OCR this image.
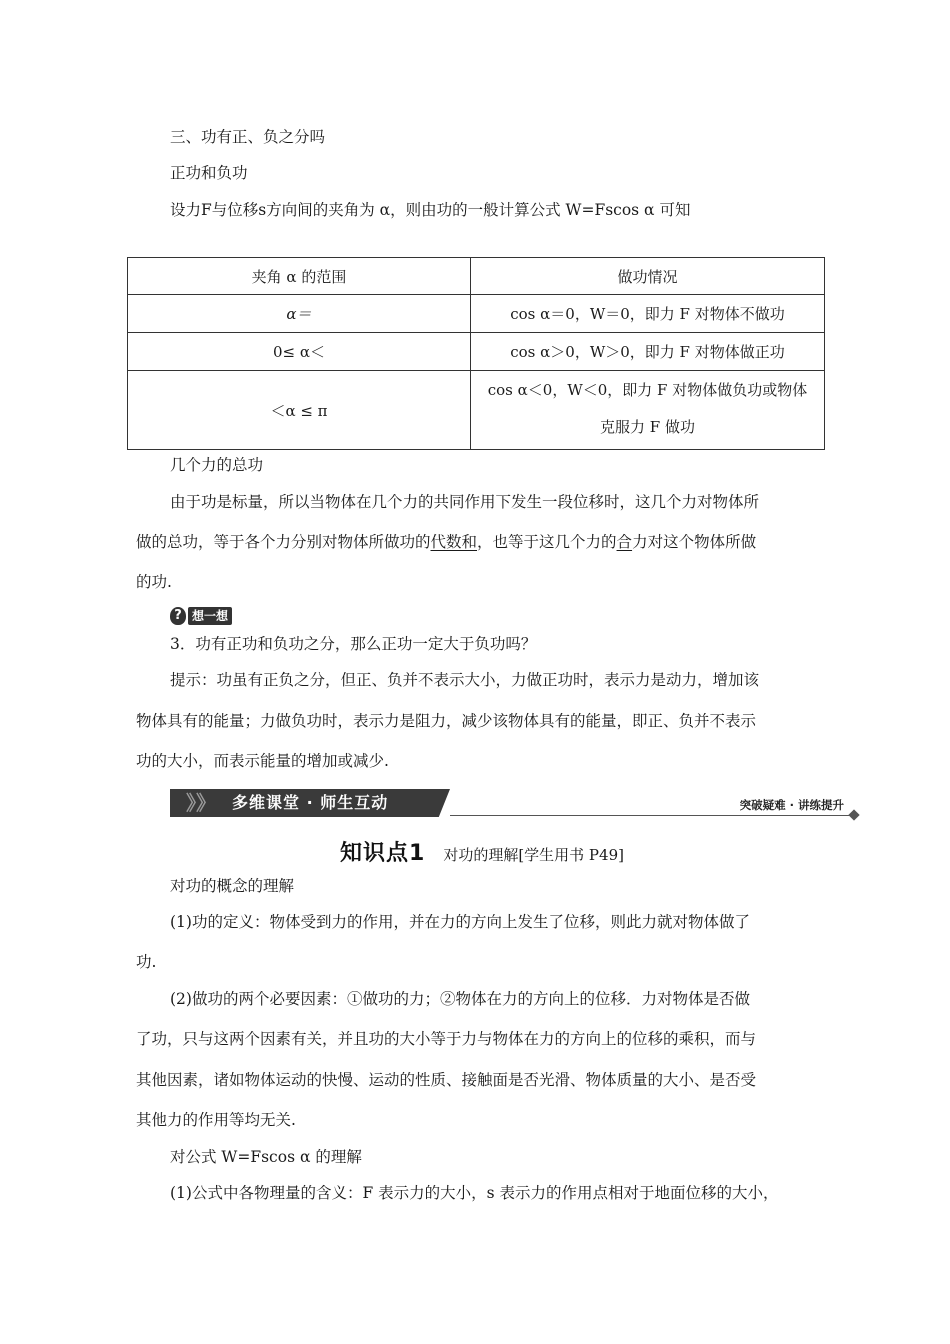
三、功有正、负之分吗
正功和负功
设力F与位移s方向间的夹角为 α，则由功的一般计算公式 W=Fscos α 可知
夹角 α 的范围	做功情况
α＝	cos α＝0，W＝0，即力 F 对物体不做功
0≤ α＜	cos α＞0，W＞0，即力 F 对物体做正功
＜α ≤ π	cos α＜0，W＜0，即力 F 对物体做负功或物体
克服力 F 做功
几个力的总功
由于功是标量，所以当物体在几个力的共同作用下发生一段位移时，这几个力对物体所
做的总功，等于各个力分别对物体所做功的代数和，也等于这几个力的合力对这个物体所做
的功.
? 想一想
3．功有正功和负功之分，那么正功一定大于负功吗？
提示：功虽有正负之分，但正、负并不表示大小，力做正功时，表示力是动力，增加该
物体具有的能量；力做负功时，表示力是阻力，减少该物体具有的能量，即正、负并不表示
功的大小，而表示能量的增加或减少.
》》 多维课堂 · 师生互动	突破疑难 · 讲练提升
知识点1 对功的理解[学生用书 P49]
对功的概念的理解
(1)功的定义：物体受到力的作用，并在力的方向上发生了位移，则此力就对物体做了
功.
(2)做功的两个必要因素：①做功的力；②物体在力的方向上的位移．力对物体是否做
了功，只与这两个因素有关，并且功的大小等于力与物体在力的方向上的位移的乘积，而与
其他因素，诸如物体运动的快慢、运动的性质、接触面是否光滑、物体质量的大小、是否受
其他力的作用等均无关.
对公式 W=Fscos α 的理解
(1)公式中各物理量的含义：F 表示力的大小，s 表示力的作用点相对于地面位移的大小，
